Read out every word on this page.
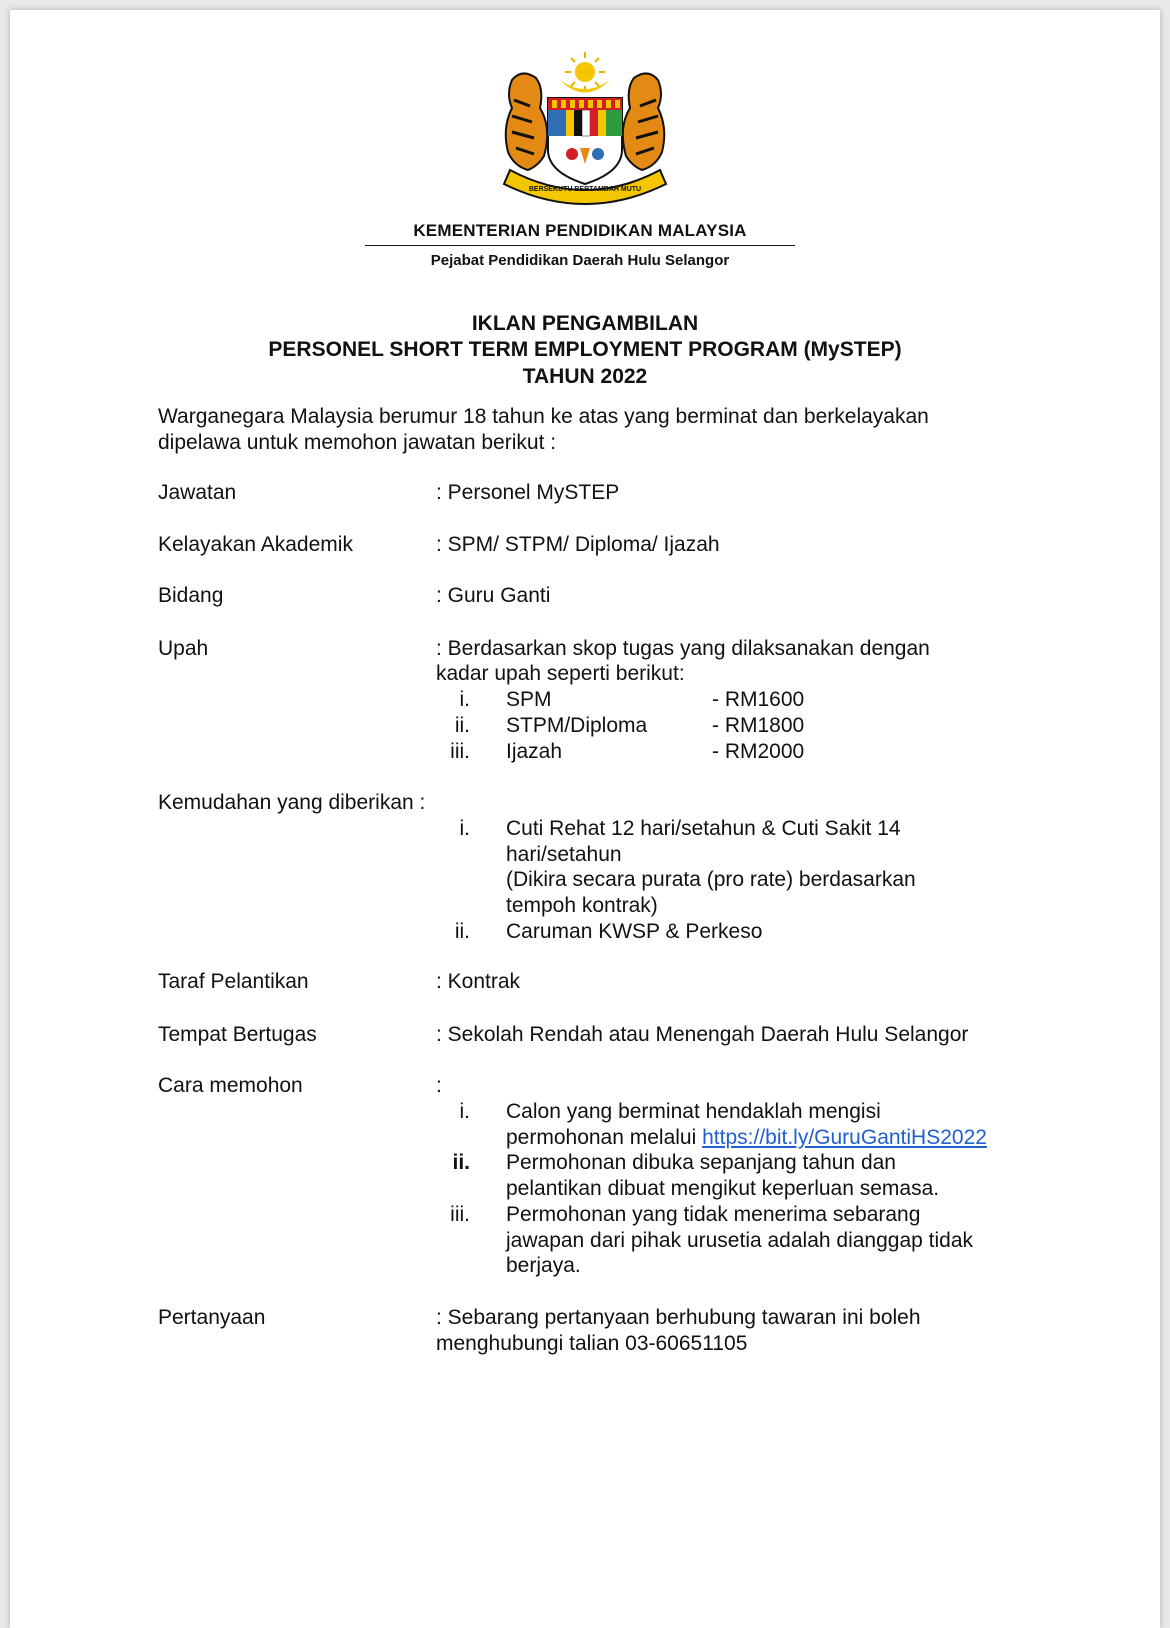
BERSEKUTU BERTAMBAH MUTU
KEMENTERIAN PENDIDIKAN MALAYSIA
Pejabat Pendidikan Daerah Hulu Selangor
IKLAN PENGAMBILAN
PERSONEL SHORT TERM EMPLOYMENT PROGRAM (MySTEP)
TAHUN 2022
Warganegara Malaysia berumur 18 tahun ke atas yang berminat dan berkelayakan
dipelawa untuk memohon jawatan berikut :
Jawatan	: Personel MySTEP
Kelayakan Akademik	: SPM/ STPM/ Diploma/ Ijazah
Bidang	: Guru Ganti
Upah	: Berdasarkan skop tugas yang dilaksanakan dengan
kadar upah seperti berikut:
i. SPM	- RM1600
ii. STPM/Diploma	- RM1800
iii. Ijazah	- RM2000
Kemudahan yang diberikan :
i. Cuti Rehat 12 hari/setahun & Cuti Sakit 14
hari/setahun
(Dikira secara purata (pro rate) berdasarkan
tempoh kontrak)
ii. Caruman KWSP & Perkeso
Taraf Pelantikan	: Kontrak
Tempat Bertugas	: Sekolah Rendah atau Menengah Daerah Hulu Selangor
Cara memohon	:
i. Calon yang berminat hendaklah mengisi
permohonan melalui https://bit.ly/GuruGantiHS2022
ii. Permohonan dibuka sepanjang tahun dan
pelantikan dibuat mengikut keperluan semasa.
iii. Permohonan yang tidak menerima sebarang
jawapan dari pihak urusetia adalah dianggap tidak
berjaya.
Pertanyaan	: Sebarang pertanyaan berhubung tawaran ini boleh
menghubungi talian 03-60651105
